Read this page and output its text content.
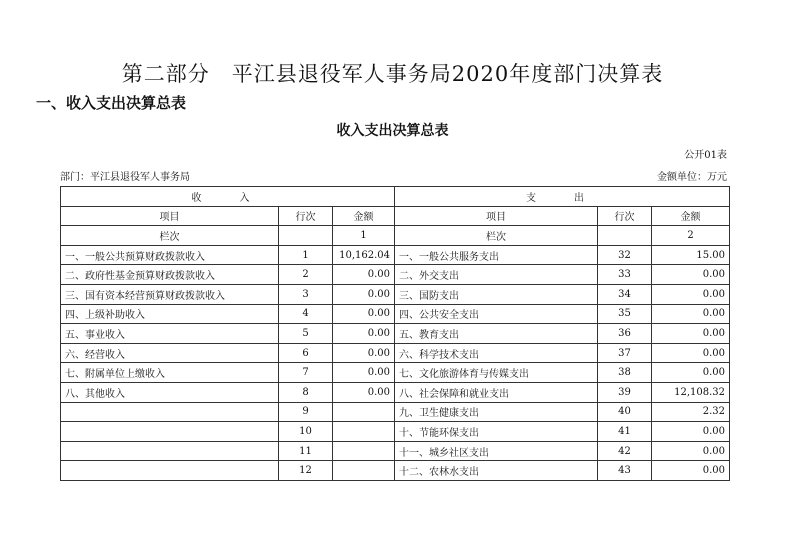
第二部分　平江县退役军人事务局2020年度部门决算表
一、收入支出决算总表
收入支出决算总表
公开01表
部门：平江县退役军人事务局	金额单位：万元
收　入			支　出		
项目	行次	金额	项目	行次	金额
栏次		1	栏次		2
一、一般公共预算财政拨款收入	1	10,162.04	一、一般公共服务支出	32	15.00
二、政府性基金预算财政拨款收入	2	0.00	二、外交支出	33	0.00
三、国有资本经营预算财政拨款收入	3	0.00	三、国防支出	34	0.00
四、上级补助收入	4	0.00	四、公共安全支出	35	0.00
五、事业收入	5	0.00	五、教育支出	36	0.00
六、经营收入	6	0.00	六、科学技术支出	37	0.00
七、附属单位上缴收入	7	0.00	七、文化旅游体育与传媒支出	38	0.00
八、其他收入	8	0.00	八、社会保障和就业支出	39	12,108.32
	9		九、卫生健康支出	40	2.32
	10		十、节能环保支出	41	0.00
	11		十一、城乡社区支出	42	0.00
	12		十二、农林水支出	43	0.00
